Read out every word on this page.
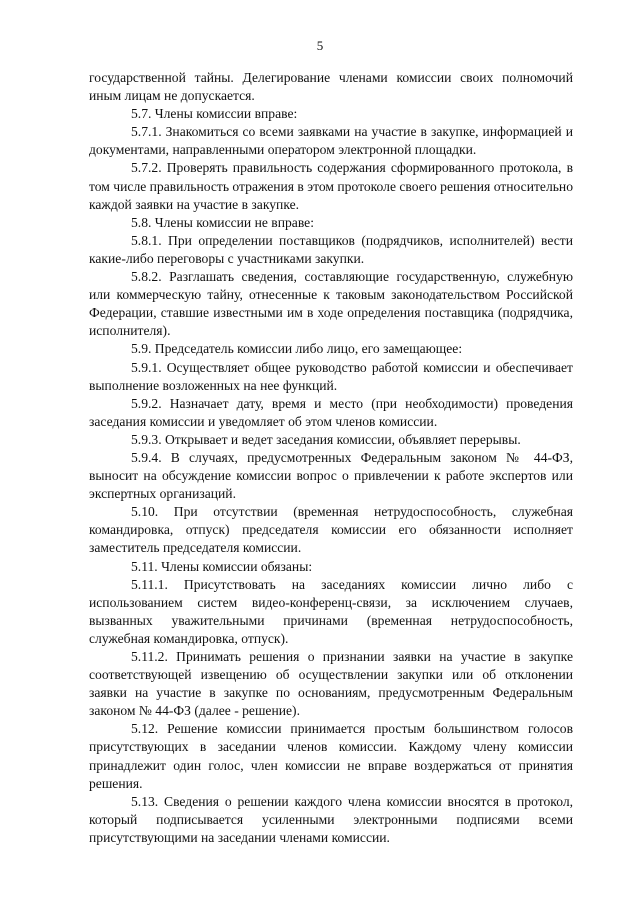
5

государственной тайны. Делегирование членами комиссии своих полномочий иным лицам не допускается.

5.7. Члены комиссии вправе:

5.7.1. Знакомиться со всеми заявками на участие в закупке, информацией и документами, направленными оператором электронной площадки.

5.7.2. Проверять правильность содержания сформированного протокола, в том числе правильность отражения в этом протоколе своего решения относительно каждой заявки на участие в закупке.

5.8. Члены комиссии не вправе:

5.8.1. При определении поставщиков (подрядчиков, исполнителей) вести какие-либо переговоры с участниками закупки.

5.8.2. Разглашать сведения, составляющие государственную, служебную или коммерческую тайну, отнесенные к таковым законодательством Российской Федерации, ставшие известными им в ходе определения поставщика (подрядчика, исполнителя).

5.9. Председатель комиссии либо лицо, его замещающее:

5.9.1. Осуществляет общее руководство работой комиссии и обеспечивает выполнение возложенных на нее функций.

5.9.2. Назначает дату, время и место (при необходимости) проведения заседания комиссии и уведомляет об этом членов комиссии.

5.9.3. Открывает и ведет заседания комиссии, объявляет перерывы.

5.9.4. В случаях, предусмотренных Федеральным законом № 44-ФЗ, выносит на обсуждение комиссии вопрос о привлечении к работе экспертов или экспертных организаций.

5.10. При отсутствии (временная нетрудоспособность, служебная командировка, отпуск) председателя комиссии его обязанности исполняет заместитель председателя комиссии.

5.11. Члены комиссии обязаны:

5.11.1. Присутствовать на заседаниях комиссии лично либо с использованием систем видео-конференц-связи, за исключением случаев, вызванных уважительными причинами (временная нетрудоспособность, служебная командировка, отпуск).

5.11.2. Принимать решения о признании заявки на участие в закупке соответствующей извещению об осуществлении закупки или об отклонении заявки на участие в закупке по основаниям, предусмотренным Федеральным законом № 44-ФЗ (далее - решение).

5.12. Решение комиссии принимается простым большинством голосов присутствующих в заседании членов комиссии. Каждому члену комиссии принадлежит один голос, член комиссии не вправе воздержаться от принятия решения.

5.13. Сведения о решении каждого члена комиссии вносятся в протокол, который подписывается усиленными электронными подписями всеми присутствующими на заседании членами комиссии.
